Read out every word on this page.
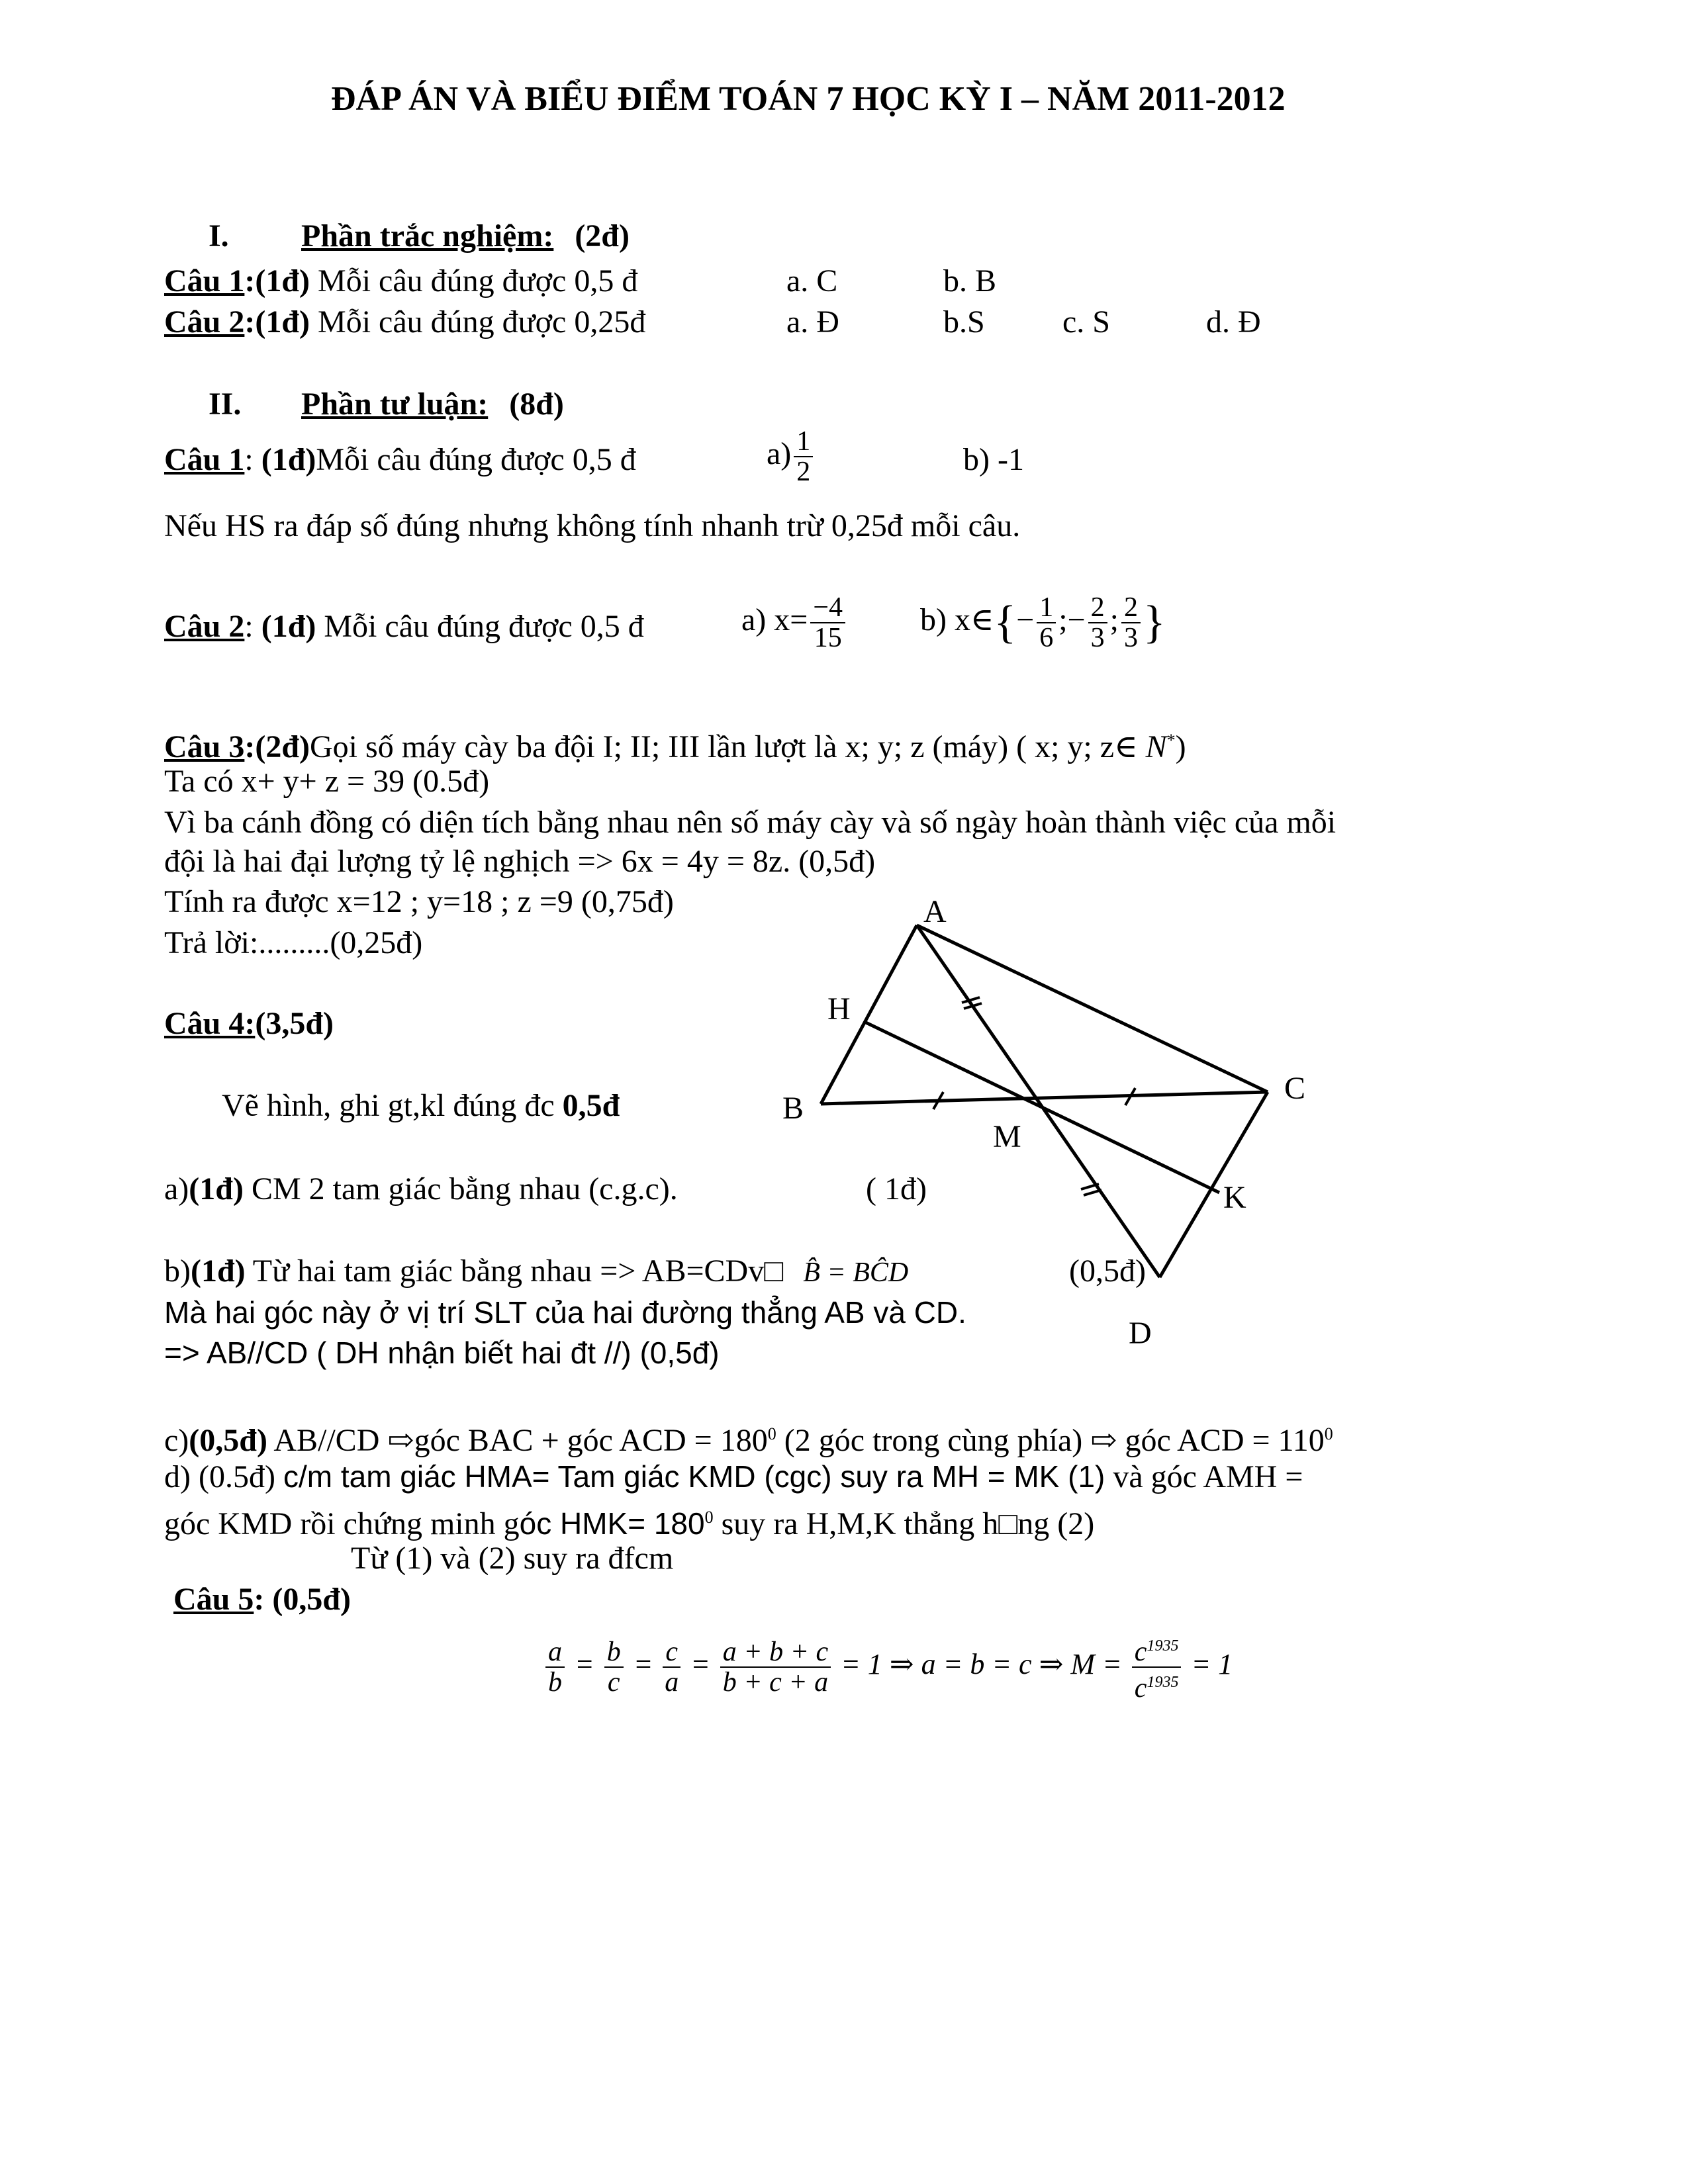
ĐÁP ÁN VÀ BIỂU ĐIỂM TOÁN 7 HỌC KỲ I – NĂM 2011-2012
I. Phần trắc nghiệm: (2đ)
Câu 1:(1đ) Mỗi câu đúng được 0,5 đ	a. C	b. B
Câu 2:(1đ) Mỗi câu đúng được 0,25đ	a. Đ	b.S c. S	d. Đ
II. Phần tư luận: (8đ)
Câu 1: (1đ)Mỗi câu đúng được 0,5 đ	$a) \frac{1}{2}$	b) -1
Nếu HS ra đáp số đúng nhưng không tính nhanh trừ 0,25đ mỗi câu.
Câu 2: (1đ) Mỗi câu đúng được 0,5 đ	a) $x= \frac{-4}{15} b$) x∈{− $\frac{1}{6}$ ;− $\frac{2}{3}$ ; $\frac{2}{3}$ }
Câu 3:(2đ)Gọi số máy cày ba đội I; II; III lần lượt là x; y; z (máy) ( x; y; z∈ N*)
Ta có x+ y+ z = 39 (0.5đ)
Vì ba cánh đồng có diện tích bằng nhau nên số máy cày và số ngày hoàn thành việc của mỗi
đội là hai đại lượng tỷ lệ nghịch => 6x = 4y = 8z. (0,5đ)
Tính ra được x=12 ; y=18 ; z =9 (0,75đ)
Trả lời:.........(0,25đ)
Câu 4:(3,5đ)
Vẽ hình, ghi gt,kl đúng đc 0,5đ
a)(1đ) CM 2 tam giác bằng nhau (c.g.c).	( 1đ)
b)(1đ) Từ hai tam giác bằng nhau => AB=CDv□ B̂ = BĈD	(0,5đ)
Mà hai góc này ở vị trí SLT của hai đường thẳng AB và CD.
=> AB//CD ( DH nhận biết hai đt //) (0,5đ)
c)(0,5đ) AB//CD ⇨góc BAC + góc ACD = $180^0$ (2 góc trong cùng phía) ⇨ góc ACD = $110^0$
d) (0.5đ) c/m tam giác HMA= Tam giác KMD (cgc) suy ra MH = MK (1) và góc AMH =
góc KMD rồi chứng minh góc $HMK= 180^0$ suy ra H,M,K thẳng h□ng (2)
Từ (1) và (2) suy ra đfcm
Câu 5: (0,5đ)
$\frac{a}{b} = \frac{b}{c} = \frac{c}{a} = \frac{a + b + c}{b + c + a} = 1$ ⇒ a = b = c ⇒ $M = \frac{c^{1935}}{c^{1935}} = 1$
A
B
C
D
H
K
M
